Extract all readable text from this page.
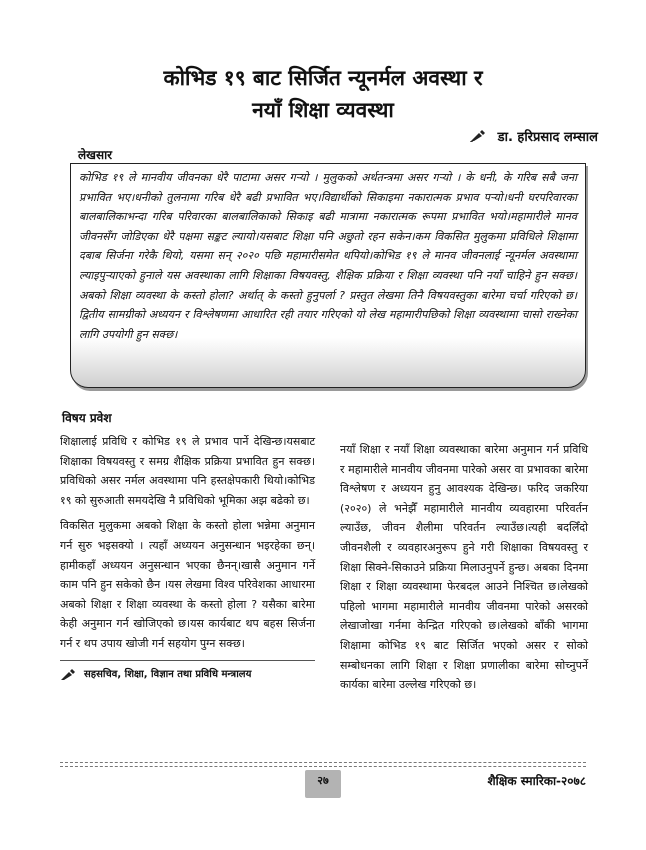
कोभिड १९ बाट सिर्जित न्यूनर्मल अवस्था र
नयाँ शिक्षा व्यवस्था
डा. हरिप्रसाद लम्साल
लेखसार

कोभिड १९ ले मानवीय जीवनका धेरै पाटामा असर गऱ्यो । मुलुकको अर्थतन्त्रमा असर गऱ्यो । के धनी, के गरिब सबै जना प्रभावित भए।धनीको तुलनामा गरिब धेरै बढी प्रभावित भए।विद्यार्थीको सिकाइमा नकारात्मक प्रभाव पऱ्यो।धनी घरपरिवारका बालबालिकाभन्दा गरिब परिवारका बालबालिकाको सिकाइ बढी मात्रामा नकारात्मक रूपमा प्रभावित भयो।महामारीले मानव जीवनसँग जोडिएका धेरै पक्षमा सङ्कट ल्यायो।यसबाट शिक्षा पनि अछुतो रहन सकेन।कम विकसित मुलुकमा प्रविधिले शिक्षामा दबाब सिर्जना गरेकै थियो, यसमा सन् २०२० पछि महामारीसमेत थपियो।कोभिड १९ ले मानव जीवनलाई न्यूनर्मल अवस्थामा ल्याइपुऱ्याएको हुनाले यस अवस्थाका लागि शिक्षाका विषयवस्तु, शैक्षिक प्रक्रिया र शिक्षा व्यवस्था पनि नयाँ चाहिने हुन सक्छ।अबको शिक्षा व्यवस्था के कस्तो होला? अर्थात् के कस्तो हुनुपर्ला ? प्रस्तुत लेखमा तिनै विषयवस्तुका बारेमा चर्चा गरिएको छ। द्वितीय सामग्रीको अध्ययन र विश्लेषणमा आधारित रही तयार गरिएको यो लेख महामारीपछिको शिक्षा व्यवस्थामा चासो राख्नेका लागि उपयोगी हुन सक्छ।

विषय प्रवेश

शिक्षालाई प्रविधि र कोभिड १९ ले प्रभाव पार्ने देखिन्छ।यसबाट शिक्षाका विषयवस्तु र समग्र शैक्षिक प्रक्रिया प्रभावित हुन सक्छ।प्रविधिको असर नर्मल अवस्थामा पनि हस्तक्षेपकारी थियो।कोभिड १९ को सुरुआती समयदेखि नै प्रविधिको भूमिका अझ बढेको छ।

विकसित मुलुकमा अबको शिक्षा के कस्तो होला भन्नेमा अनुमान गर्न सुरु भइसक्यो । त्यहाँ अध्ययन अनुसन्धान भइरहेका छन्।हामीकहाँ अध्ययन अनुसन्धान भएका छैनन्।खासै अनुमान गर्ने काम पनि हुन सकेको छैन ।यस लेखमा विश्व परिवेशका आधारमा अबको शिक्षा र शिक्षा व्यवस्था के कस्तो होला ? यसैका बारेमा केही अनुमान गर्न खोजिएको छ।यस कार्यबाट थप बहस सिर्जना गर्न र थप उपाय खोजी गर्न सहयोग पुग्न सक्छ।

सहसचिव, शिक्षा, विज्ञान तथा प्रविधि मन्त्रालय

नयाँ शिक्षा र नयाँ शिक्षा व्यवस्थाका बारेमा अनुमान गर्न प्रविधि र महामारीले मानवीय जीवनमा पारेको असर वा प्रभावका बारेमा विश्लेषण र अध्ययन हुनु आवश्यक देखिन्छ। फरिद जकरिया (२०२०) ले भनेझैँ महामारीले मानवीय व्यवहारमा परिवर्तन ल्याउँछ, जीवन शैलीमा परिवर्तन ल्याउँछ।त्यही बदलिँदो जीवनशैली र व्यवहारअनुरूप हुने गरी शिक्षाका विषयवस्तु र शिक्षा सिक्ने-सिकाउने प्रक्रिया मिलाउनुपर्ने हुन्छ। अबका दिनमा शिक्षा र शिक्षा व्यवस्थामा फेरबदल आउने निश्चित छ।लेखको पहिलो भागमा महामारीले मानवीय जीवनमा पारेको असरको लेखाजोखा गर्नमा केन्द्रित गरिएको छ।लेखको बाँकी भागमा शिक्षामा कोभिड १९ बाट सिर्जित भएको असर र सोको सम्बोधनका लागि शिक्षा र शिक्षा प्रणालीका बारेमा सोच्नुपर्ने कार्यका बारेमा उल्लेख गरिएको छ।

२७	शैक्षिक स्मारिका-२०७८
